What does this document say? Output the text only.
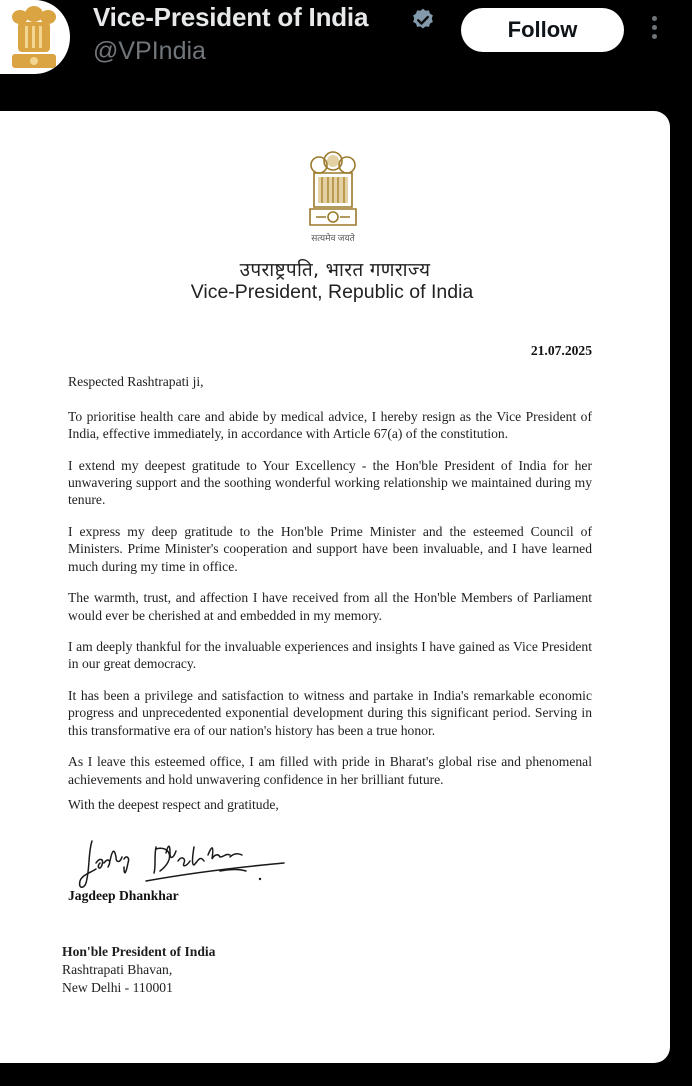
Vice-President of India
@VPIndia
Follow
सत्यमेव जयते
उपराष्ट्रपति, भारत गणराज्य
Vice-President, Republic of India
21.07.2025
Respected Rashtrapati ji,

To prioritise health care and abide by medical advice, I hereby resign as the Vice President of India, effective immediately, in accordance with Article 67(a) of the constitution.

I extend my deepest gratitude to Your Excellency - the Hon'ble President of India for her unwavering support and the soothing wonderful working relationship we maintained during my tenure.

I express my deep gratitude to the Hon'ble Prime Minister and the esteemed Council of Ministers. Prime Minister's cooperation and support have been invaluable, and I have learned much during my time in office.

The warmth, trust, and affection I have received from all the Hon'ble Members of Parliament would ever be cherished at and embedded in my memory.

I am deeply thankful for the invaluable experiences and insights I have gained as Vice President in our great democracy.

It has been a privilege and satisfaction to witness and partake in India's remarkable economic progress and unprecedented exponential development during this significant period. Serving in this transformative era of our nation's history has been a true honor.

As I leave this esteemed office, I am filled with pride in Bharat's global rise and phenomenal achievements and hold unwavering confidence in her brilliant future.

With the deepest respect and gratitude,
Jagdeep Dhankhar
Hon'ble President of India
Rashtrapati Bhavan,
New Delhi - 110001
